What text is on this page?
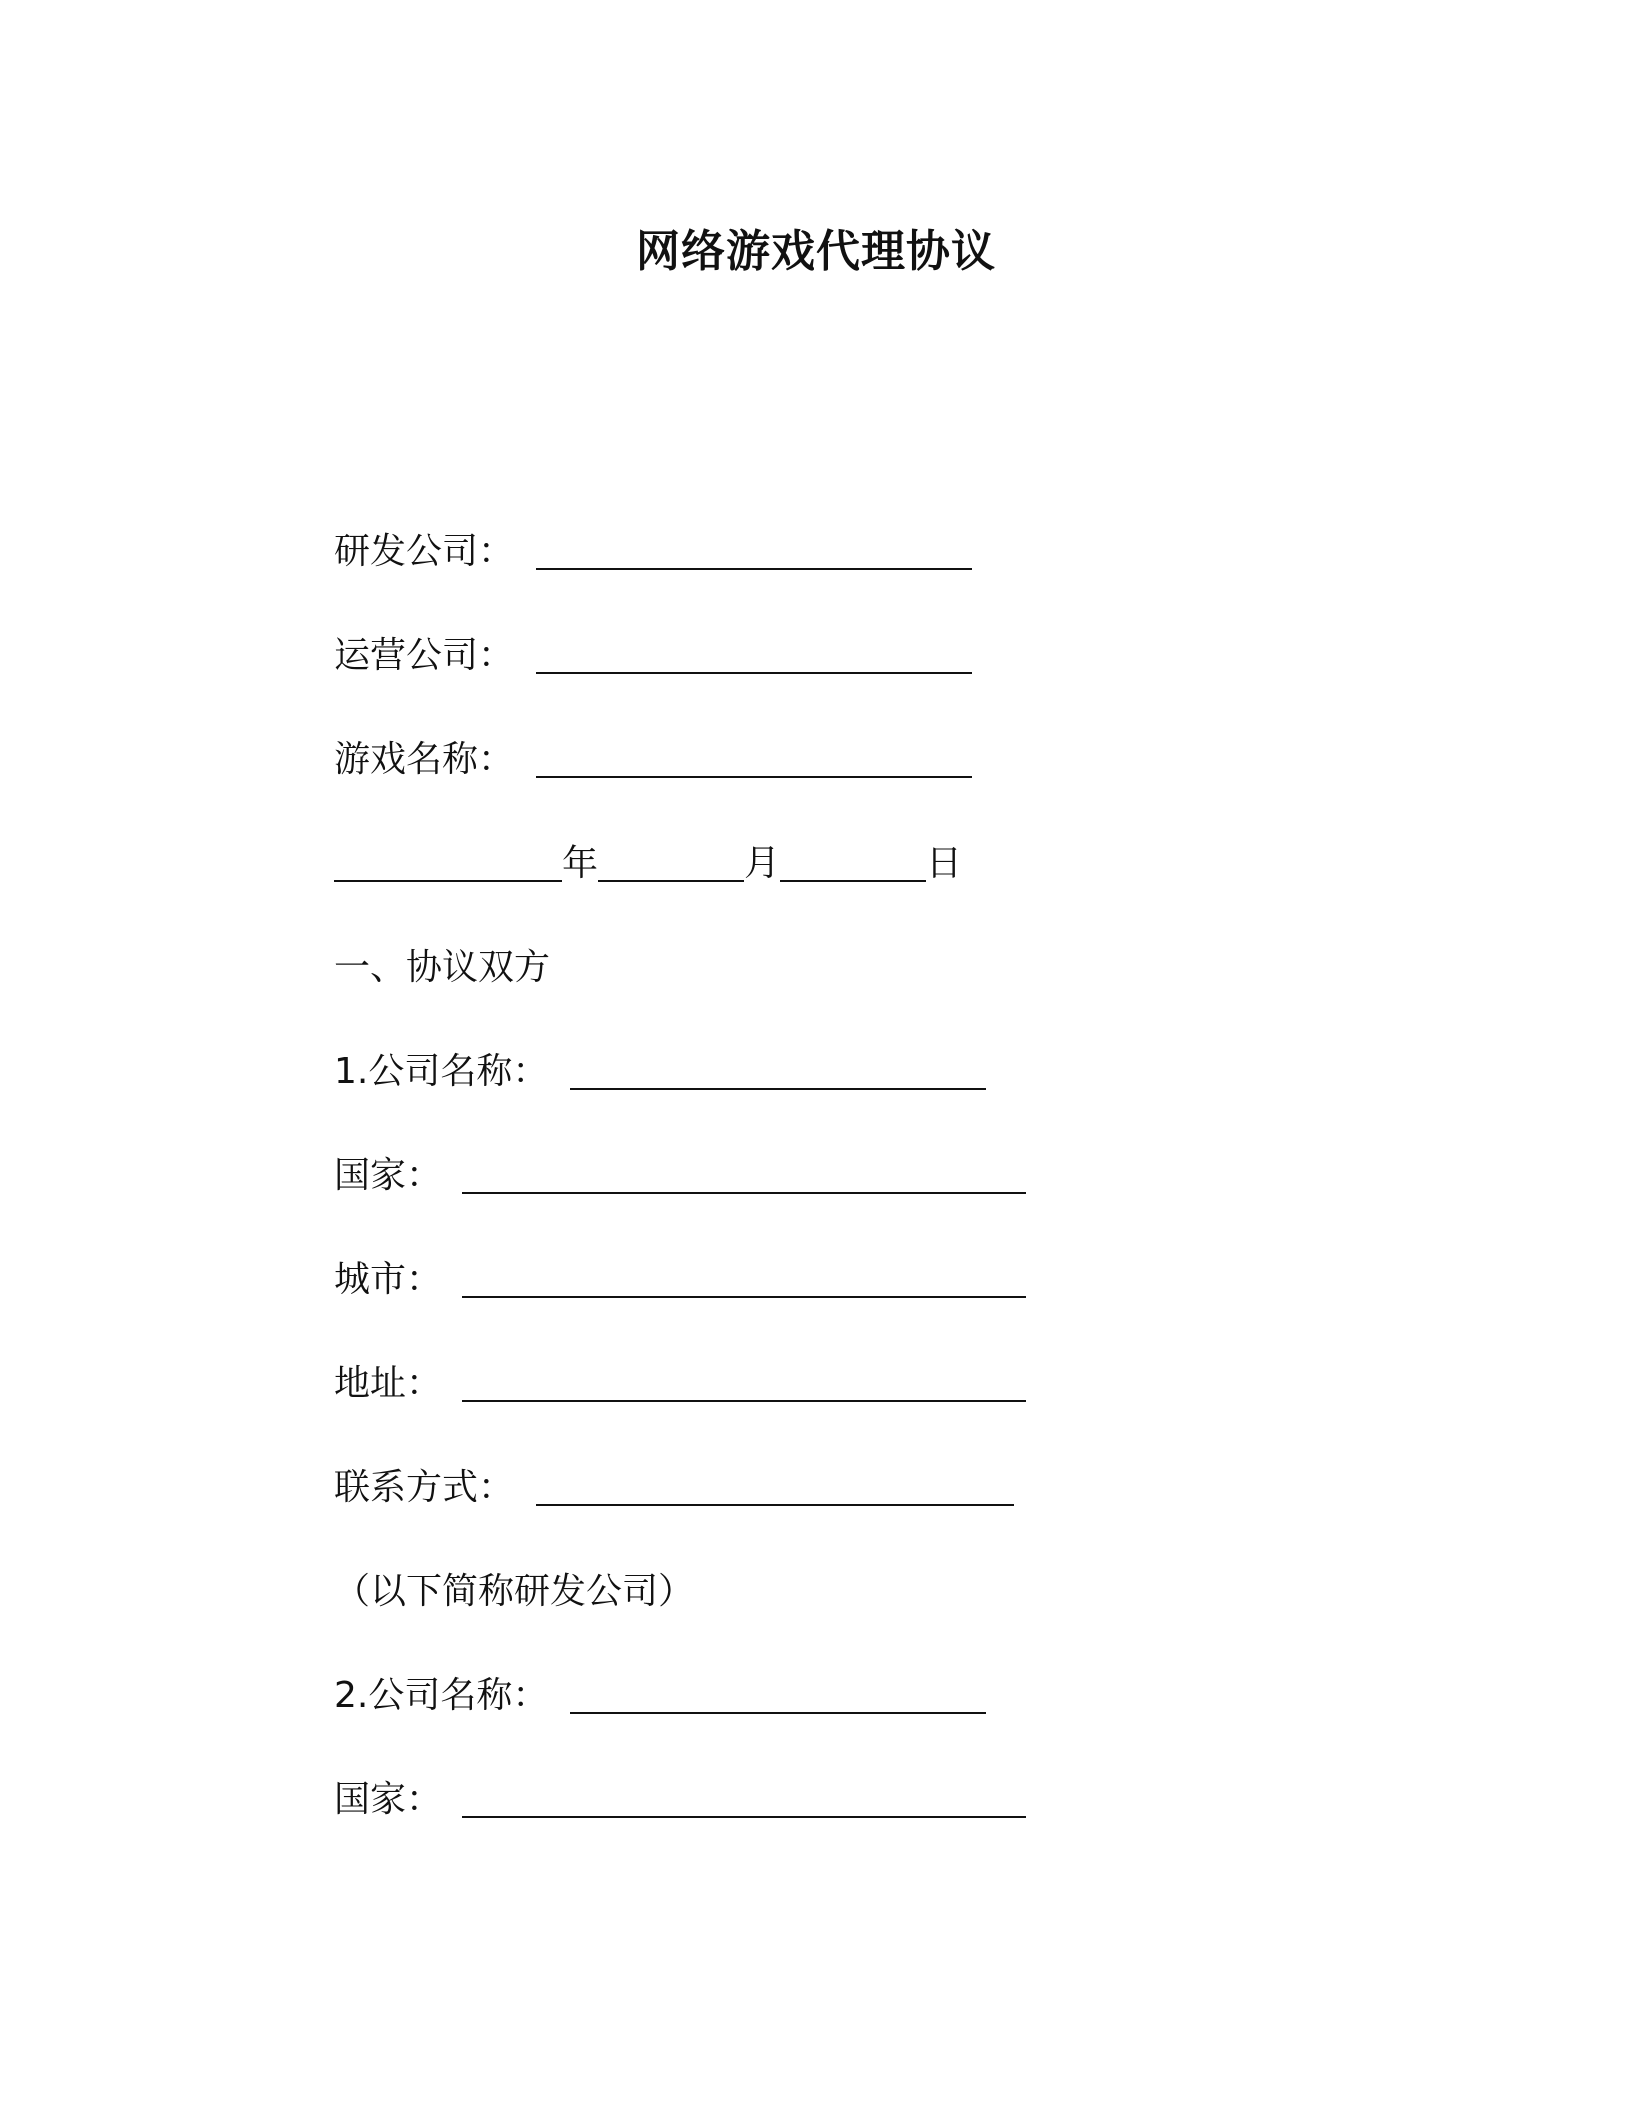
网络游戏代理协议
研发公司：
运营公司：
游戏名称：
年	月	日
一、协议双方
1.公司名称：
国家：
城市：
地址：
联系方式：
（以下简称研发公司）
2.公司名称：
国家：
